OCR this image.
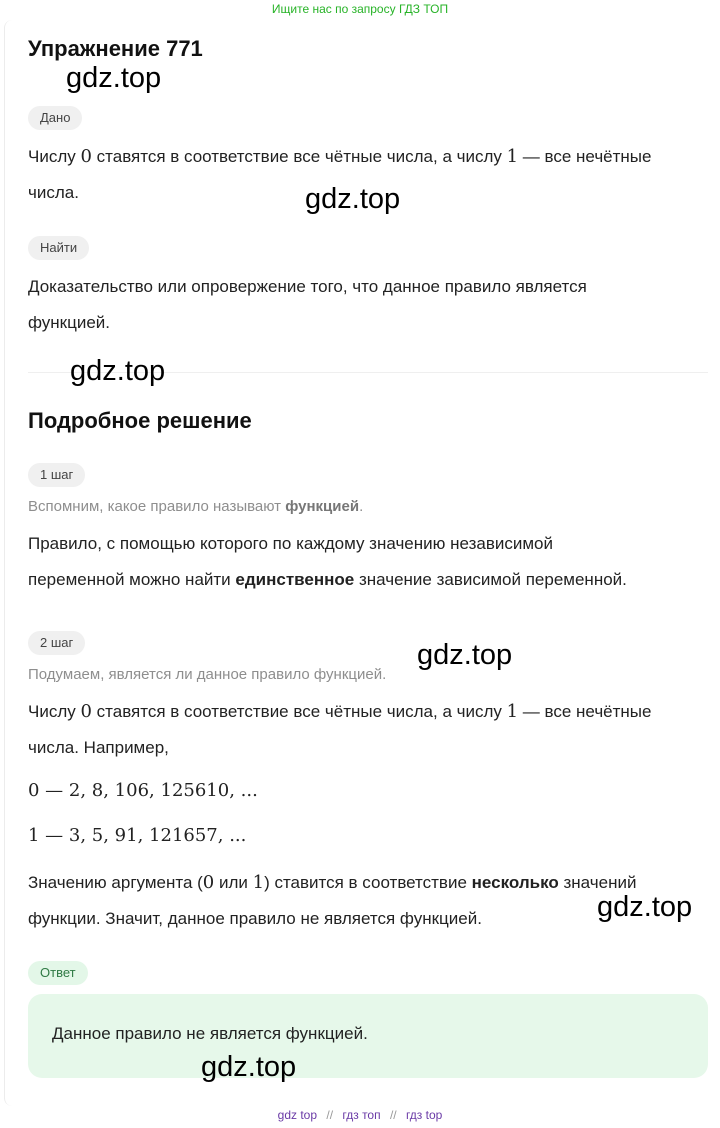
Ищите нас по запросу ГДЗ ТОП
Упражнение 771
Дано

Числу 0 ставятся в соответствие все чётные числа, а числу 1 — все нечётные
числа.

Найти

Доказательство или опровержение того, что данное правило является
функцией.

Подробное решение
1 шаг

Вспомним, какое правило называют функцией.

Правило, с помощью которого по каждому значению независимой
переменной можно найти единственное значение зависимой переменной.

2 шаг

Подумаем, является ли данное правило функцией.

Числу 0 ставятся в соответствие все чётные числа, а числу 1 — все нечётные
числа. Например,

0 — 2, 8, 106, 125610, ...
1 — 3, 5, 91, 121657, ...

Значению аргумента (0 или 1) ставится в соответствие несколько значений
функции. Значит, данное правило не является функцией.

Ответ
Данное правило не является функцией.
gdz.top
gdz.top
gdz.top
gdz.top
gdz.top
gdz.top
gdz top // гдз топ // гдз top
